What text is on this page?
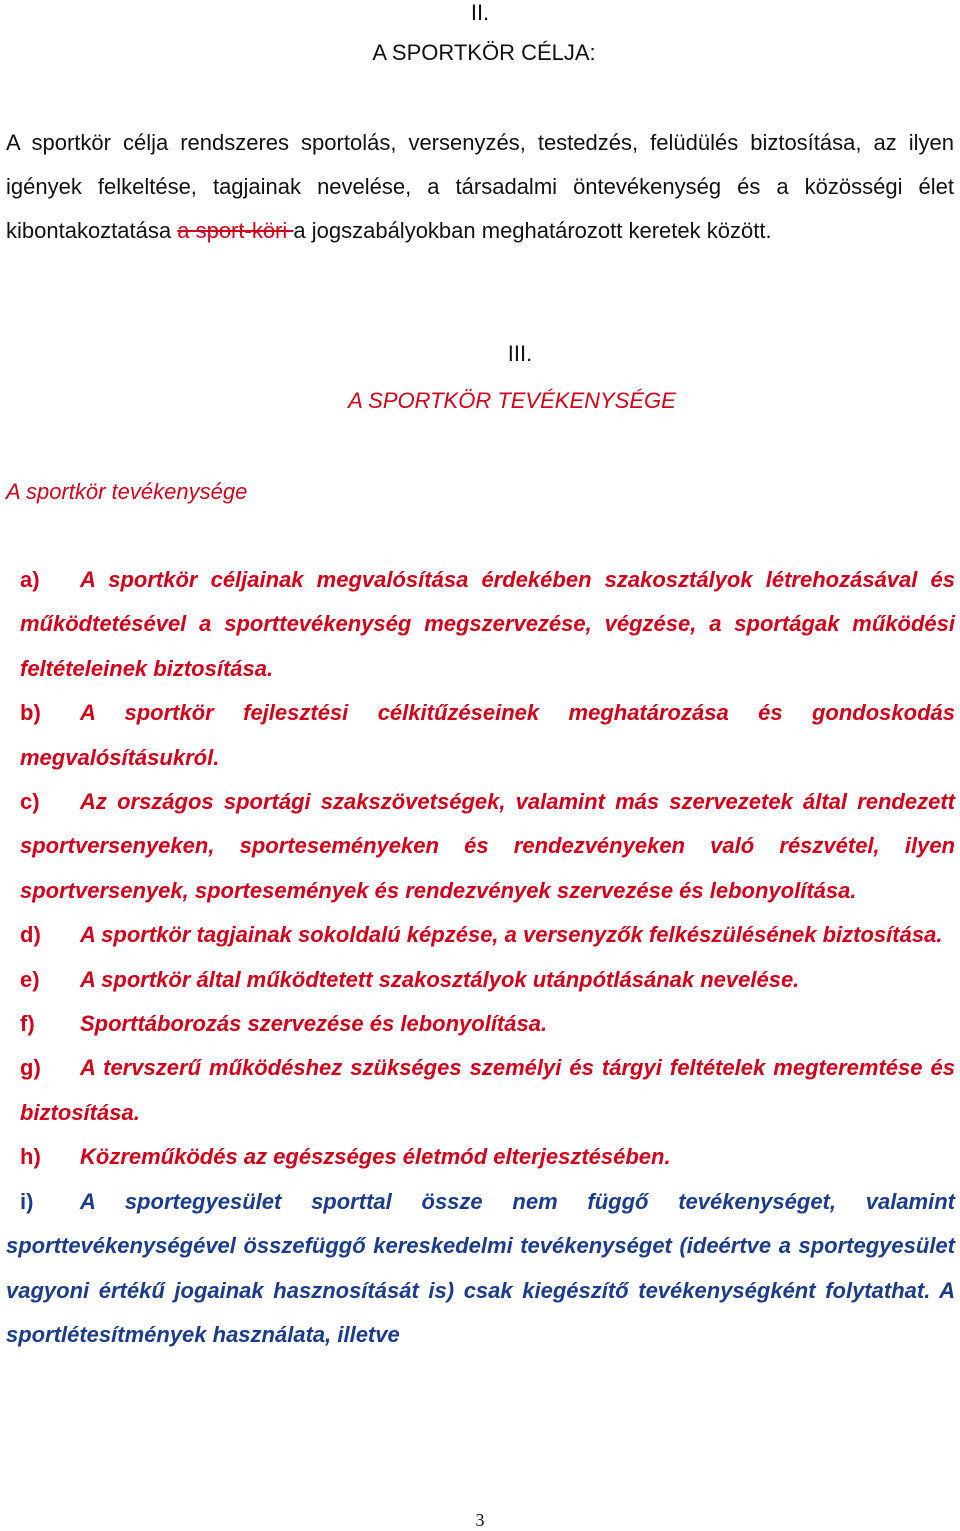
II.
A SPORTKÖR CÉLJA:
A sportkör célja rendszeres sportolás, versenyzés, testedzés, felüdülés biztosítása, az ilyen igények felkeltése, tagjainak nevelése, a társadalmi öntevékenység és a közösségi élet kibontakoztatása a sport-köri a jogszabályokban meghatározott keretek között.
III.
A SPORTKÖR TEVÉKENYSÉGE
A sportkör tevékenysége
a) A sportkör céljainak megvalósítása érdekében szakosztályok létrehozásával és működtetésével a sporttevékenység megszervezése, végzése, a sportágak működési feltételeinek biztosítása.
b) A sportkör fejlesztési célkitűzéseinek meghatározása és gondoskodás megvalósításukról.
c) Az országos sportági szakszövetségek, valamint más szervezetek által rendezett sportversenyeken, sporteseményeken és rendezvényeken való részvétel, ilyen sportversenyek, sportesemények és rendezvények szervezése és lebonyolítása.
d) A sportkör tagjainak sokoldalú képzése, a versenyzők felkészülésének biztosítása.
e) A sportkör által működtetett szakosztályok utánpótlásának nevelése.
f) Sporttáborozás szervezése és lebonyolítása.
g) A tervszerű működéshez szükséges személyi és tárgyi feltételek megteremtése és biztosítása.
h) Közreműködés az egészséges életmód elterjesztésében.
i) A sportegyesület sporttal össze nem függő tevékenységet, valamint sporttevékenységével összefüggő kereskedelmi tevékenységet (ideértve a sportegyesület vagyoni értékű jogainak hasznosítását is) csak kiegészítő tevékenységként folytathat. A sportlétesítmények használata, illetve
3
